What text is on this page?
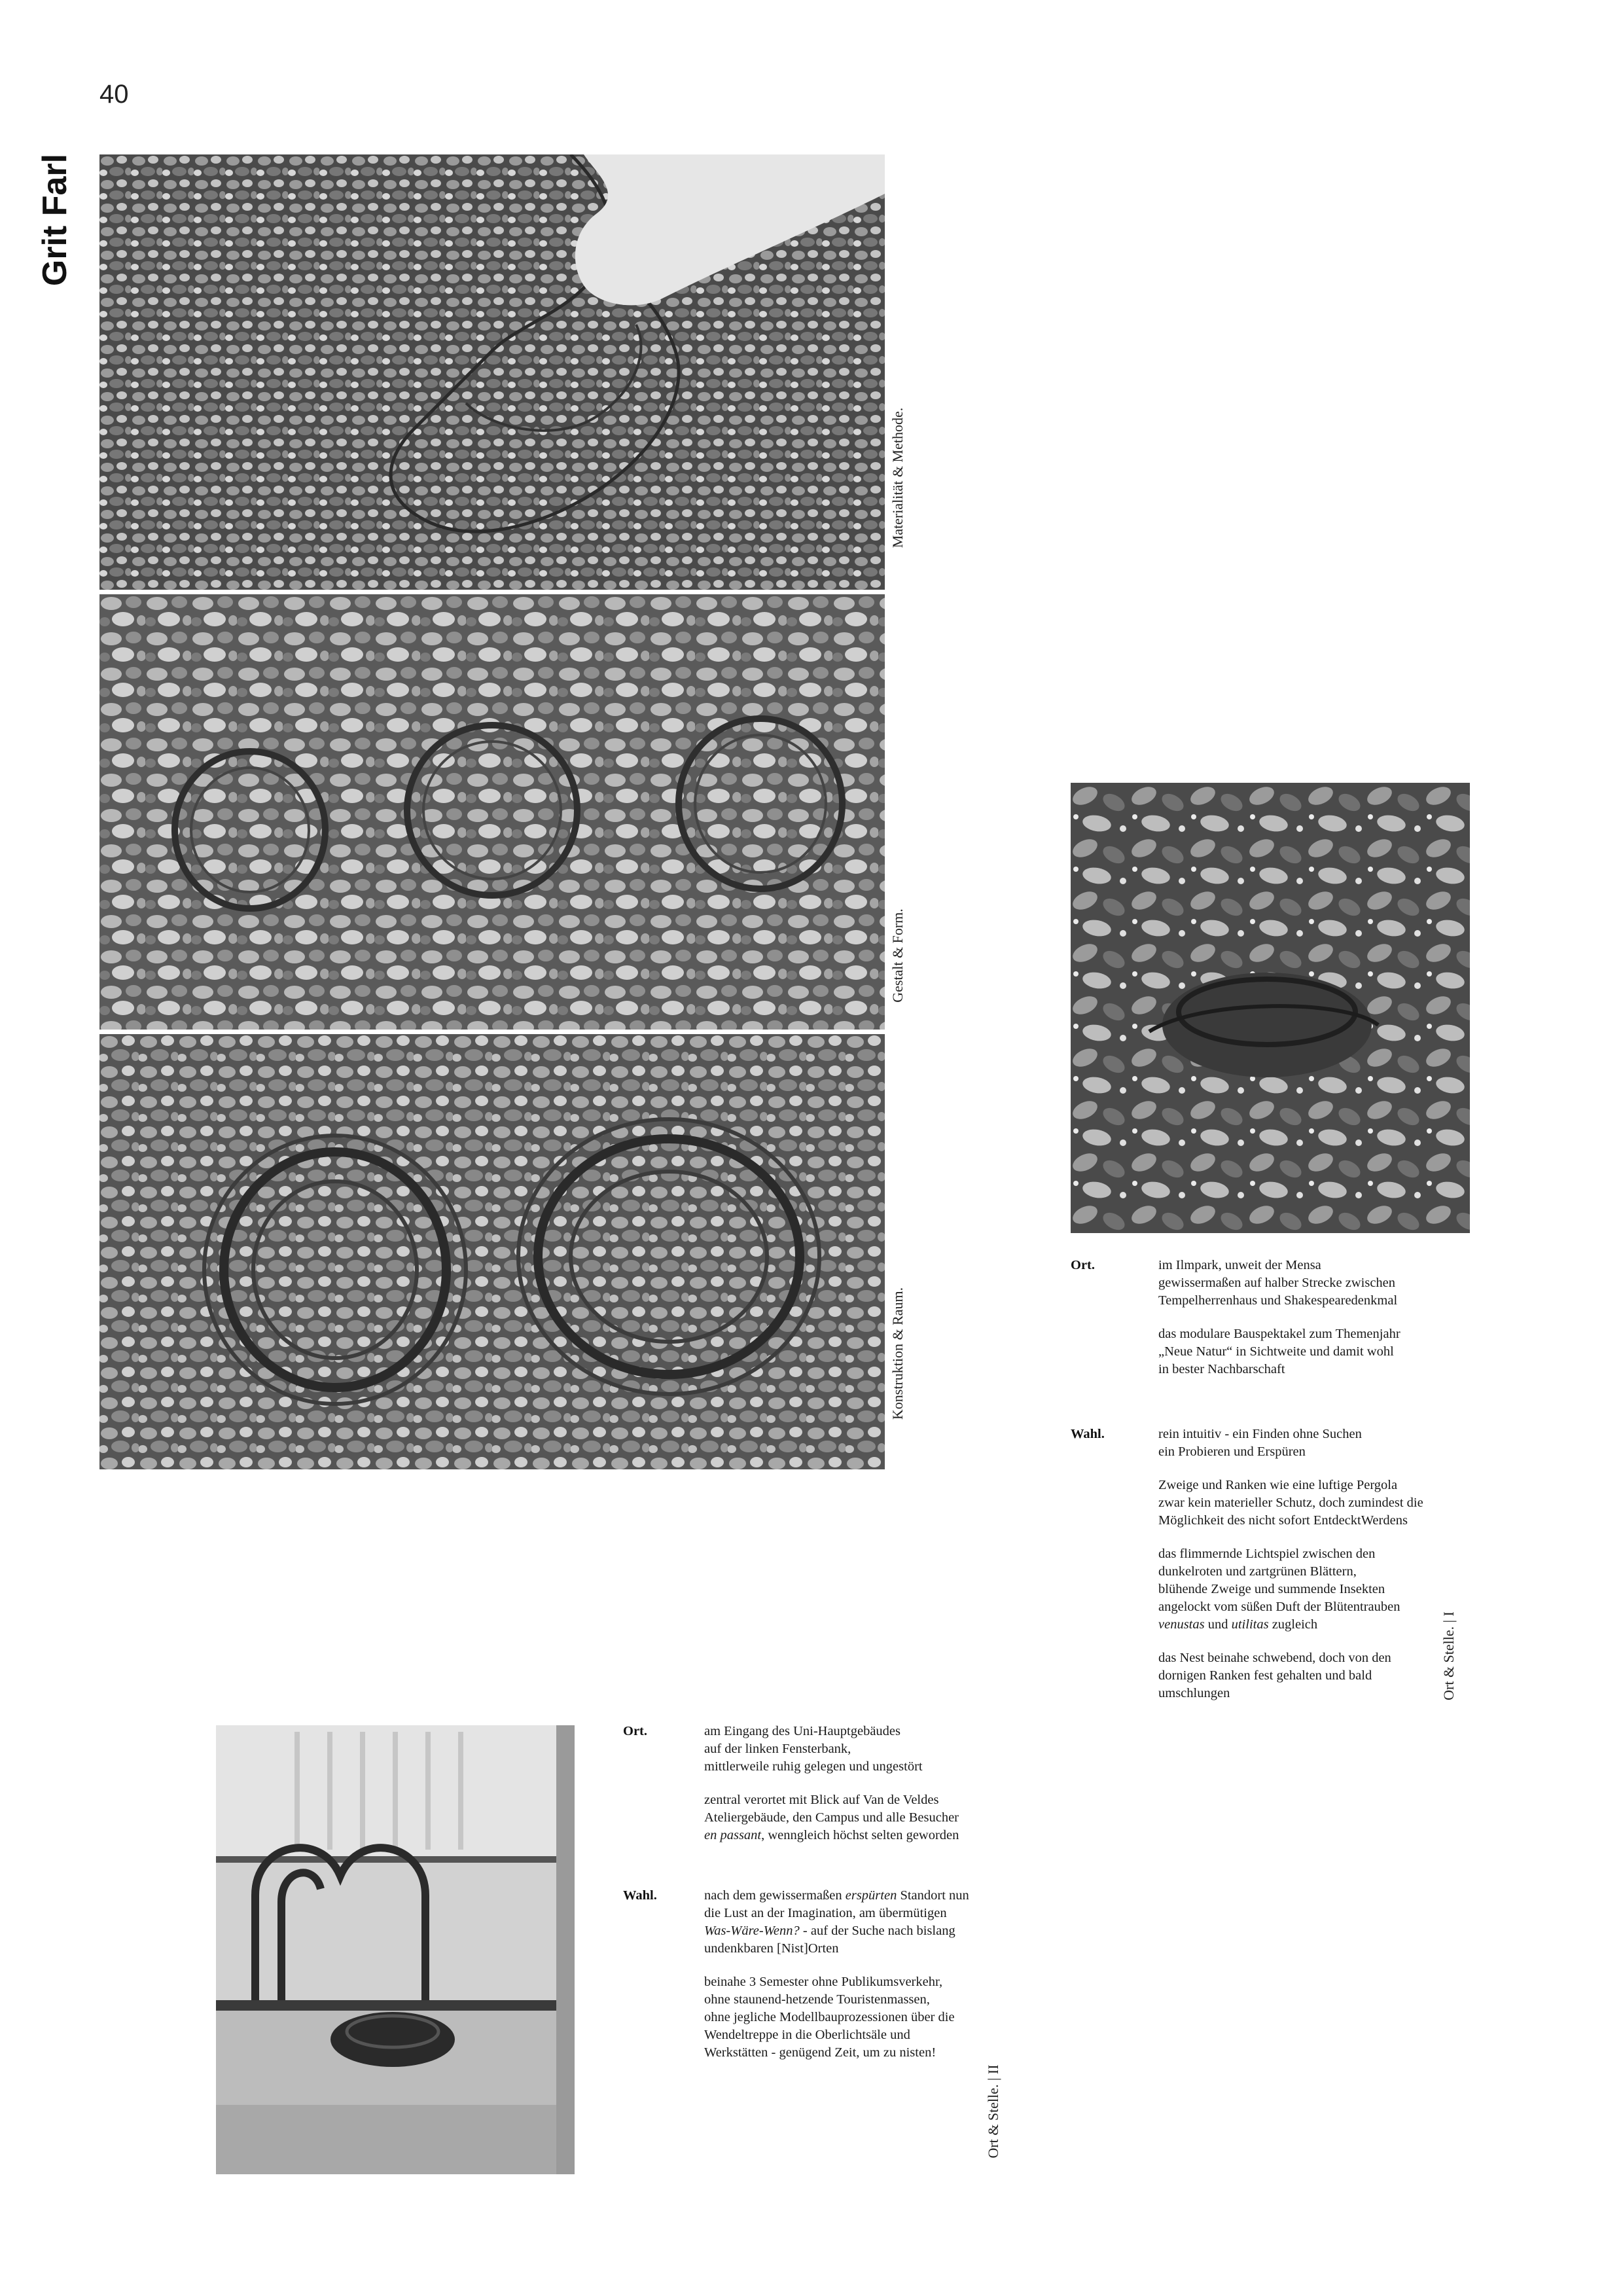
40
Grit Farl
Materialität & Methode.
Gestalt & Form.
Konstruktion & Raum.
Ort.	im Ilmpark, unweit der Mensa
gewissermaßen auf halber Strecke zwischen
Tempelherrenhaus und Shakespearedenkmal
das modulare Bauspektakel zum Themenjahr
„Neue Natur“ in Sichtweite und damit wohl
in bester Nachbarschaft
Wahl.	rein intuitiv - ein Finden ohne Suchen
ein Probieren und Erspüren
Zweige und Ranken wie eine luftige Pergola
zwar kein materieller Schutz, doch zumindest die
Möglichkeit des nicht sofort EntdecktWerdens
das flimmernde Lichtspiel zwischen den
dunkelroten und zartgrünen Blättern,
blühende Zweige und summende Insekten
angelockt vom süßen Duft der Blütentrauben
venustas und utilitas zugleich
das Nest beinahe schwebend, doch von den
dornigen Ranken fest gehalten und bald
umschlungen	Ort & Stelle. | I
Ort.	am Eingang des Uni-Hauptgebäudes
auf der linken Fensterbank,
mittlerweile ruhig gelegen und ungestört
zentral verortet mit Blick auf Van de Veldes
Ateliergebäude, den Campus und alle Besucher
en passant, wenngleich höchst selten geworden
Wahl.	nach dem gewissermaßen erspürten Standort nun
die Lust an der Imagination, am übermütigen
Was-Wäre-Wenn? - auf der Suche nach bislang
undenkbaren [Nist]Orten
beinahe 3 Semester ohne Publikumsverkehr,
ohne staunend-hetzende Touristenmassen,
ohne jegliche Modellbauprozessionen über die
Wendeltreppe in die Oberlichtsäle und
Werkstätten - genügend Zeit, um zu nisten!
Ort & Stelle. | II
